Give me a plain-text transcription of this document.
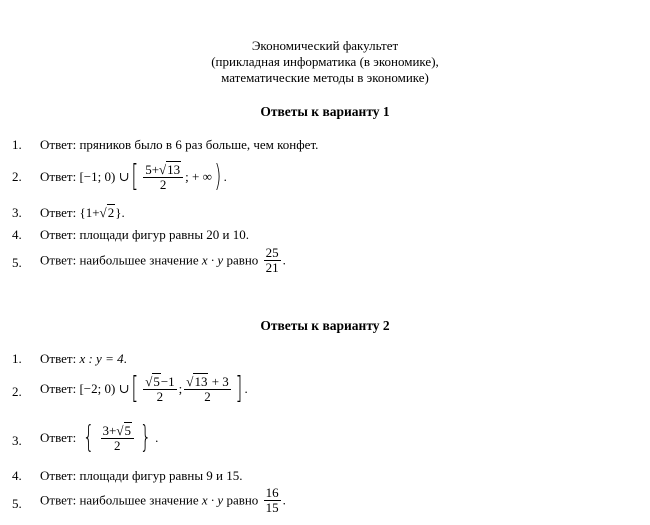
Экономический факультет
(прикладная информатика (в экономике),
математические методы в экономике)
Ответы к варианту 1
1. Ответ: пряников было в 6 раз больше, чем конфет.
2. Ответ: [−1; 0) ∪[ $\frac{5+√13}{2}$ ; + ∞) .
3. Ответ: {1+√2}.
4. Ответ: площади фигур равны 20 и 10.
5. Ответ: наибольшее значение x · y равно $\frac{25}{21}$ .
Ответы к варианту 2
1. Ответ: x : y = 4.
2. Ответ: [−2; 0) ∪[ $\frac{√5-1}{2}$ ; $\frac{√13 + 3}{2}$ ] .
3. Ответ: { $\frac{3+√5}{2}$ } .
4. Ответ: площади фигур равны 9 и 15.
5. Ответ: наибольшее значение x · y равно $\frac{16}{15}$ .
